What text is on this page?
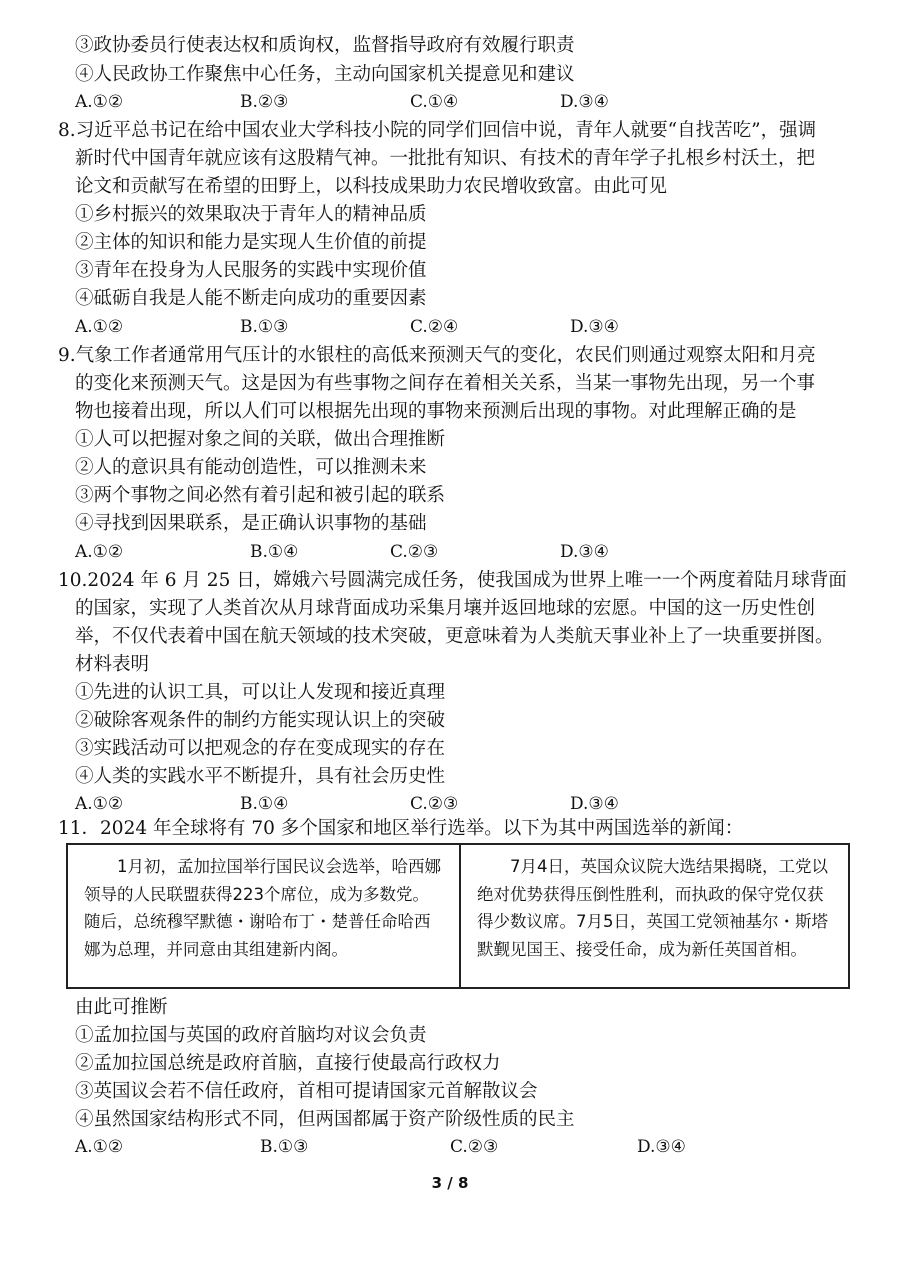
③政协委员行使表达权和质询权，监督指导政府有效履行职责
④人民政协工作聚焦中心任务，主动向国家机关提意见和建议
A.①②	B.②③	C.①④	D.③④
8.习近平总书记在给中国农业大学科技小院的同学们回信中说，青年人就要“自找苦吃”，强调
新时代中国青年就应该有这股精气神。一批批有知识、有技术的青年学子扎根乡村沃土，把
论文和贡献写在希望的田野上，以科技成果助力农民增收致富。由此可见
①乡村振兴的效果取决于青年人的精神品质
②主体的知识和能力是实现人生价值的前提
③青年在投身为人民服务的实践中实现价值
④砥砺自我是人能不断走向成功的重要因素
A.①②	B.①③	C.②④	D.③④
9.气象工作者通常用气压计的水银柱的高低来预测天气的变化，农民们则通过观察太阳和月亮
的变化来预测天气。这是因为有些事物之间存在着相关关系，当某一事物先出现，另一个事
物也接着出现，所以人们可以根据先出现的事物来预测后出现的事物。对此理解正确的是
①人可以把握对象之间的关联，做出合理推断
②人的意识具有能动创造性，可以推测未来
③两个事物之间必然有着引起和被引起的联系
④寻找到因果联系，是正确认识事物的基础
A.①②	B.①④	C.②③	D.③④
10.2024 年 6 月 25 日，嫦娥六号圆满完成任务，使我国成为世界上唯一一个两度着陆月球背面
的国家，实现了人类首次从月球背面成功采集月壤并返回地球的宏愿。中国的这一历史性创
举，不仅代表着中国在航天领域的技术突破，更意味着为人类航天事业补上了一块重要拼图。
材料表明
①先进的认识工具，可以让人发现和接近真理
②破除客观条件的制约方能实现认识上的突破
③实践活动可以把观念的存在变成现实的存在
④人类的实践水平不断提升，具有社会历史性
A.①②	B.①④	C.②③	D.③④
11．2024 年全球将有 70 多个国家和地区举行选举。以下为其中两国选举的新闻：

1月初，孟加拉国举行国民议会选举，哈西娜领导的人民联盟获得223个席位，成为多数党。随后，总统穆罕默德・谢哈布丁・楚普任命哈西娜为总理，并同意由其组建新内阁。

7月4日，英国众议院大选结果揭晓，工党以绝对优势获得压倒性胜利，而执政的保守党仅获得少数议席。7月5日，英国工党领袖基尔・斯塔默觐见国王、接受任命，成为新任英国首相。

由此可推断
①孟加拉国与英国的政府首脑均对议会负责
②孟加拉国总统是政府首脑，直接行使最高行政权力
③英国议会若不信任政府，首相可提请国家元首解散议会
④虽然国家结构形式不同，但两国都属于资产阶级性质的民主
A.①②	B.①③	C.②③	D.③④
3 / 8
